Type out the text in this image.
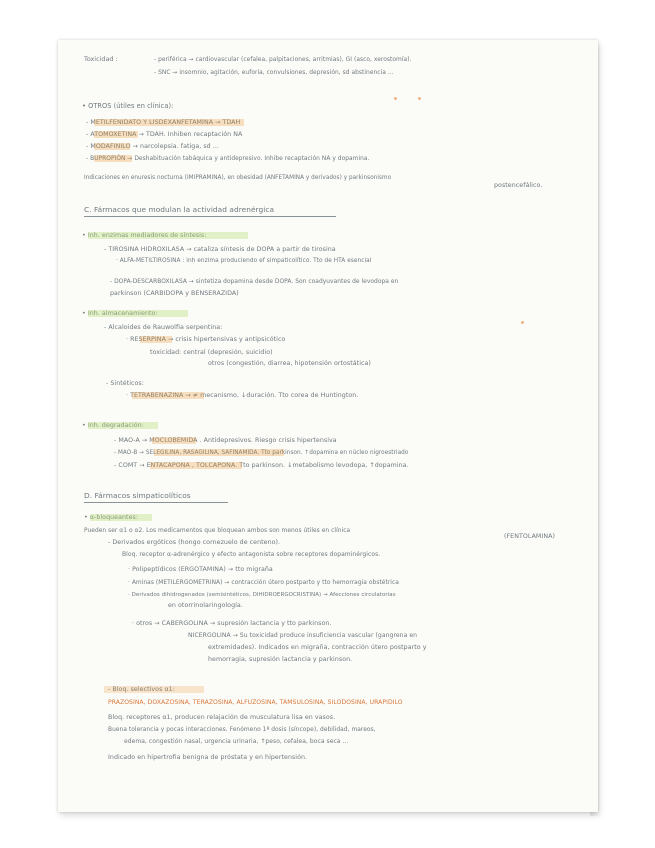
Toxicidad :	- periférica → cardiovascular (cefalea, palpitaciones, arritmias), GI (asco, xerostomía).
- SNC → insomnio, agitación, euforia, convulsiones, depresión, sd abstinencia ...
• OTROS (útiles en clínica):
- METILFENIDATO Y LISDEXANFETAMINA → TDAH
- ATOMOXETINA → TDAH. Inhiben recaptación NA
- MODAFINILO → narcolepsia. fatiga, sd ...
- BUPROPIÓN → Deshabituación tabáquica y antidepresivo. Inhibe recaptación NA y dopamina.
Indicaciones en enuresis nocturna (IMIPRAMINA), en obesidad (ANFETAMINA y derivados) y parkinsonismo
postencefálico.
C. Fármacos que modulan la actividad adrenérgica
• Inh. enzimas mediadores de síntesis:
- TIROSINA HIDROXILASA → cataliza síntesis de DOPA a partir de tirosina
· ALFA-METILTIROSINA : inh enzima produciendo ef simpaticolítico. Tto de HTA esencial
- DOPA-DESCARBOXILASA → sintetiza dopamina desde DOPA. Son coadyuvantes de levodopa en
parkinson (CARBIDOPA y BENSERAZIDA)
• Inh. almacenamiento:
- Alcaloides de Rauwolfia serpentina:
· RESERPINA → crisis hipertensivas y antipsicótico
toxicidad: central (depresión, suicidio)
otros (congestión, diarrea, hipotensión ortostática)
- Sintéticos:
· TETRABENAZINA → ≠ mecanismo, ↓duración. Tto corea de Huntington.
• Inh. degradación:
- MAO-A → MOCLOBEMIDA . Antidepresivos. Riesgo crisis hipertensiva
- MAO-B → SELEGILINA, RASAGILINA, SAFINAMIDA. Tto parkinson. ↑dopamina en núcleo nigroestriado
- COMT → ENTACAPONA , TOLCAPONA. Tto parkinson. ↓metabolismo levodopa, ↑dopamina.
D. Fármacos simpaticolíticos
• α-bloqueantes:
Pueden ser α1 o α2. Los medicamentos que bloquean ambos son menos útiles en clínica
(FENTOLAMINA)
- Derivados ergóticos (hongo cornezuelo de centeno).
Bloq. receptor α-adrenérgico y efecto antagonista sobre receptores dopaminérgicos.
· Polipeptídicos (ERGOTAMINA) → tto migraña
· Aminas (METILERGOMETRINA) → contracción útero postparto y tto hemorragia obstétrica
· Derivados dihidrogenados (semisintéticos, DIHIDROERGOCRISTINA) → Afecciones circulatorias
en otorrinolaringología.
· otros → CABERGOLINA → supresión lactancia y tto parkinson.
NICERGOLINA → Su toxicidad produce insuficiencia vascular (gangrena en
extremidades). Indicados en migraña, contracción útero postparto y
hemorragia, supresión lactancia y parkinson.
- Bloq. selectivos α1:
PRAZOSINA, DOXAZOSINA, TERAZOSINA, ALFUZOSINA, TAMSULOSINA, SILODOSINA, URAPIDILO
Bloq. receptores α1, producen relajación de musculatura lisa en vasos.
Buena tolerancia y pocas interacciones. Fenómeno 1ª dosis (síncope), debilidad, mareos,
edema, congestión nasal, urgencia urinaria, ↑peso, cefalea, boca seca ...
Indicado en hipertrofia benigna de próstata y en hipertensión.
